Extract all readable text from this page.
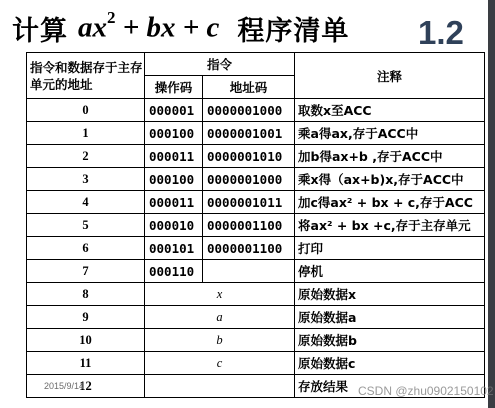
计算 $ax^2$ + bx + c 程序清单 1.2
指令和数据存于主存单元的地址	指令		注释
	操作码	地址码	
0	000001	0000001000	取数x至ACC
1	000100	0000001001	乘a得ax,存于ACC中
2	000011	0000001010	加b得ax+b ,存于ACC中
3	000100	0000001000	乘x得（ax+b)x,存于ACC中
4	000011	0000001011	加c得ax² + bx + c,存于ACC
5	000010	0000001100	将ax² + bx +c,存于主存单元
6	000101	0000001100	打印
7	000110		停机
8	x		原始数据x
9	a		原始数据a
10	b		原始数据b
11	c		原始数据c
12			存放结果
2015/9/14	CSDN @zhu0902150102
